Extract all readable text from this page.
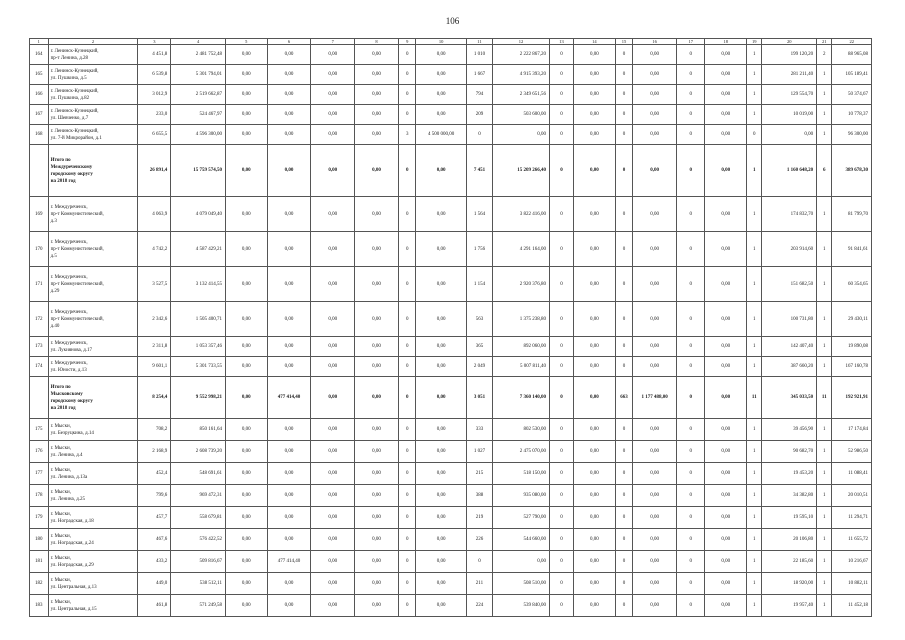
106
1	2	3	4	5	6	7	8	9	10	11	12	13	14	15	16	17	18	19	20	21	22
164	г. Ленинск-Кузнецкий,
пр-т Ленина, д.28	4 451,8	2 481 752,48	0,00	0,00	0,00	0,00	0	0,00	1 010	2 222 867,20	0	0,00	0	0,00	0	0,00	1	199 120,20	2	88 965,08
165	г. Ленинск-Кузнецкий,
ул. Пушкина, д.5	6 539,8	5 301 794,01	0,00	0,00	0,00	0,00	0	0,00	1 667	4 915 393,20	0	0,00	0	0,00	0	0,00	1	281 211,40	1	105 189,41
166	г. Ленинск-Кузнецкий,
ул. Пушкина, д.82	3 012,9	2 519 662,87	0,00	0,00	0,00	0,00	0	0,00	794	2 349 651,56	0	0,00	0	0,00	0	0,00	1	129 554,70	1	50 374,67
167	г. Ленинск-Кузнецкий,
ул. Шевченко, д.7	233,0	524 467,97	0,00	0,00	0,00	0,00	0	0,00	209	503 600,00	0	0,00	0	0,00	0	0,00	1	10 019,00	1	10 778,37
168	г. Ленинск-Кузнецкий,
ул. 7-й Микрорайон, д.1	6 655,5	4 596 300,00	0,00	0,00	0,00	0,00	3	4 500 000,00	0	0,00	0	0,00	0	0,00	0	0,00	0	0,00	1	96 300,00

	Итого по
Междуреченскому
городскому округу
на 2018 год	26 891,4	15 759 574,50	0,00	0,00	0,00	0,00	0	0,00	7 451	15 209 266,40	0	0,00	0	0,00	0	0,00	1	1 160 648,20	6	389 678,30
169	г. Междуреченск,
пр-т Коммунистический,
д.3	4 063,9	4 079 049,40	0,00	0,00	0,00	0,00	0	0,00	1 564	3 822 416,00	0	0,00	0	0,00	0	0,00	1	174 832,70	1	81 799,70
170	г. Междуреченск,
пр-т Коммунистический,
д.5	4 742,2	4 587 429,21	0,00	0,00	0,00	0,00	0	0,00	1 756	4 291 164,00	0	0,00	0	0,00	0	0,00	1	203 914,60	1	91 841,61
171	г. Междуреченск,
пр-т Коммунистический,
д.29	3 527,5	3 132 414,55	0,00	0,00	0,00	0,00	0	0,00	1 154	2 920 376,80	0	0,00	0	0,00	0	0,00	1	151 682,50	1	60 354,65
172	г. Междуреченск,
пр-т Коммунистический,
д.40	2 342,6	1 505 400,71	0,00	0,00	0,00	0,00	0	0,00	563	1 375 238,80	0	0,00	0	0,00	0	0,00	1	100 731,80	1	29 430,11
173	г. Междуреченск,
ул. Лукиянова, д.17	2 311,8	1 053 357,46	0,00	0,00	0,00	0,00	0	0,00	365	892 060,00	0	0,00	0	0,00	0	0,00	1	142 407,40	1	19 890,08
174	г. Междуреченск,
ул. Юности, д.13	9 601,1	5 301 733,55	0,00	0,00	0,00	0,00	0	0,00	2 049	5 007 811,40	0	0,00	0	0,00	0	0,00	1	387 660,20	1	167 160,78

	Итого по
Мысковскому
городскому округу
на 2018 год	8 254,4	9 552 998,21	0,00	477 414,40	0,00	0,00	0	0,00	3 051	7 360 140,00	0	0,00	663	1 177 488,00	0	0,00	11	345 033,50	11	192 921,91
175	г. Мыски,
ул. Безруцкина, д.14	708,2	850 161,64	0,00	0,00	0,00	0,00	0	0,00	333	802 530,00	0	0,00	0	0,00	0	0,00	1	39 456,90	1	17 174,84
176	г. Мыски,
ул. Ленина, д.4	2 168,9	2 608 739,20	0,00	0,00	0,00	0,00	0	0,00	1 027	2 475 070,00	0	0,00	0	0,00	0	0,00	1	90 682,70	1	52 986,50
177	г. Мыски,
ул. Ленина, д.13а	452,4	548 691,61	0,00	0,00	0,00	0,00	0	0,00	215	518 150,00	0	0,00	0	0,00	0	0,00	1	19 453,20	1	11 088,41
178	г. Мыски,
ул. Ленина, д.25	799,6	969 472,31	0,00	0,00	0,00	0,00	0	0,00	388	935 080,00	0	0,00	0	0,00	0	0,00	1	34 382,80	1	20 010,51
179	г. Мыски,
ул. Ноградская, д.18	457,7	558 679,81	0,00	0,00	0,00	0,00	0	0,00	219	527 790,00	0	0,00	0	0,00	0	0,00	1	19 595,10	1	11 294,71
180	г. Мыски,
ул. Ноградская, д.24	467,6	576 422,52	0,00	0,00	0,00	0,00	0	0,00	226	544 660,00	0	0,00	0	0,00	0	0,00	1	20 106,80	1	11 655,72
181	г. Мыски,
ул. Ноградская, д.29	433,2	509 816,67	0,00	477 414,40	0,00	0,00	0	0,00	0	0,00	0	0,00	0	0,00	0	0,00	1	22 185,60	1	10 216,67
182	г. Мыски,
ул. Центральная, д.13	449,0	538 512,11	0,00	0,00	0,00	0,00	0	0,00	211	508 510,00	0	0,00	0	0,00	0	0,00	1	18 920,00	1	10 882,11
183	г. Мыски,
ул. Центральная, д.15	461,8	571 249,58	0,00	0,00	0,00	0,00	0	0,00	224	539 840,00	0	0,00	0	0,00	0	0,00	1	19 957,40	1	11 452,18
